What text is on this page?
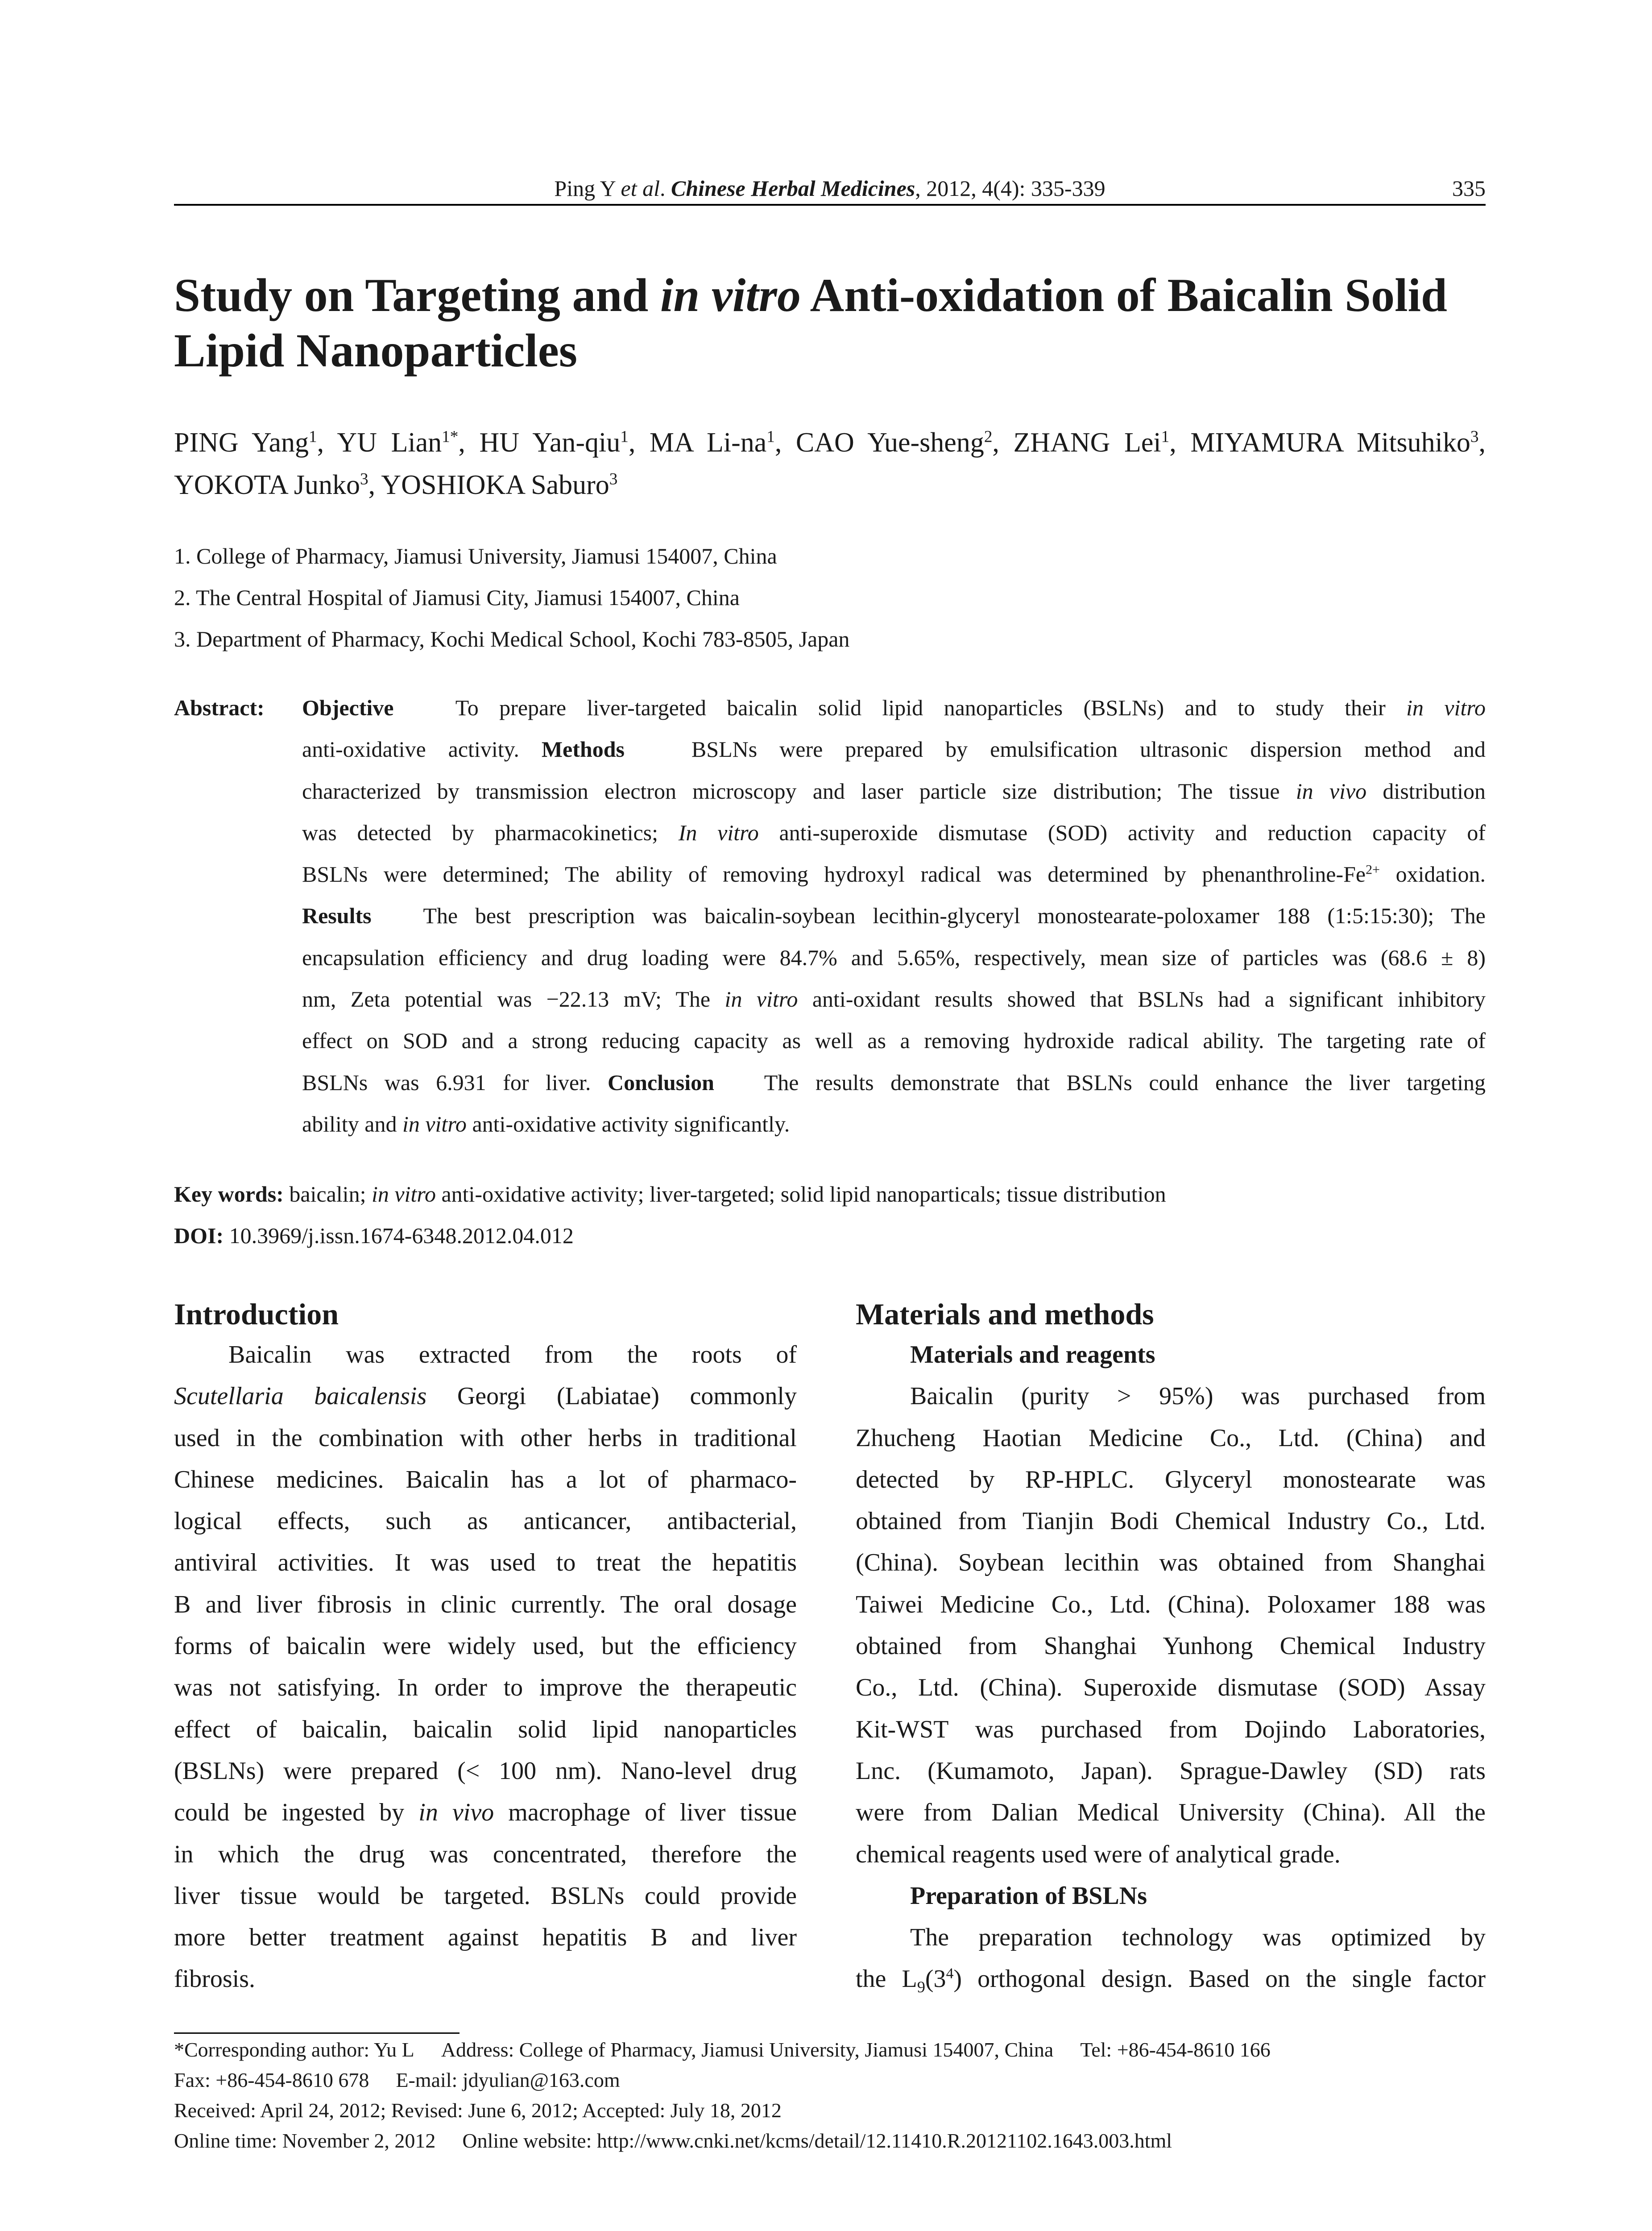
Ping Y et al. Chinese Herbal Medicines, 2012, 4(4): 335-339	335
Study on Targeting and in vitro Anti-oxidation of Baicalin Solid Lipid Nanoparticles
PING Yang$^1$, YU Lian$^{1*}$, HU Yan-qiu$^1$, MA $Li-na^1$, CAO Yue-sheng$^2$, ZHANG Lei$^1$, MIYAMURA Mitsuhiko$^3$, YOKOTA Junko$^3$, YOSHIOKA Saburo$^3$
1. College of Pharmacy, Jiamusi University, Jiamusi 154007, China
2. The Central Hospital of Jiamusi City, Jiamusi 154007, China
3. Department of Pharmacy, Kochi Medical School, Kochi 783-8505, Japan
Abstract: Objective   To prepare liver-targeted baicalin solid lipid nanoparticles (BSLNs) and to study their in vitro
anti-oxidative activity. Methods   BSLNs were prepared by emulsification ultrasonic dispersion method and
characterized by transmission electron microscopy and laser particle size distribution; The tissue in vivo distribution
was detected by pharmacokinetics; In vitro anti-superoxide dismutase (SOD) activity and reduction capacity of
BSLNs were determined; The ability of removing hydroxyl radical was determined by phenanthroline-$Fe^{2+}$ oxidation.
Results   The best prescription was baicalin-soybean lecithin-glyceryl monostearate-poloxamer 188 (1:5:15:30); The
encapsulation efficiency and drug loading were 84.7% and 5.65%, respectively, mean size of particles was (68.6 ± 8)
nm, Zeta potential was −22.13 mV; The in vitro anti-oxidant results showed that BSLNs had a significant inhibitory
effect on SOD and a strong reducing capacity as well as a removing hydroxide radical ability. The targeting rate of
BSLNs was 6.931 for liver. Conclusion   The results demonstrate that BSLNs could enhance the liver targeting
ability and in vitro anti-oxidative activity significantly.
Key words: baicalin; in vitro anti-oxidative activity; liver-targeted; solid lipid nanoparticals; tissue distribution
DOI: 10.3969/j.issn.1674-6348.2012.04.012
Introduction
Baicalin    was    extracted    from    the    roots    of
Scutellaria baicalensis Georgi (Labiatae) commonly
used in the combination with other herbs in traditional
Chinese medicines. Baicalin has a lot of pharmaco-
logical effects, such as anticancer, antibacterial,
antiviral activities. It was used to treat the hepatitis
B and liver fibrosis in clinic currently. The oral dosage
forms of baicalin were widely used, but the efficiency
was not satisfying. In order to improve the therapeutic
effect of baicalin, baicalin solid lipid nanoparticles
(BSLNs) were prepared (< 100 nm). Nano-level drug
could be ingested by in vivo macrophage of liver tissue
in which the drug was concentrated, therefore the
liver tissue would be targeted. BSLNs could provide
more better treatment against hepatitis B and liver
fibrosis.
Materials and methods
Materials and reagents
Baicalin (purity > 95%) was purchased from
Zhucheng Haotian Medicine Co., Ltd. (China) and
detected by RP-HPLC. Glyceryl monostearate was
obtained from Tianjin Bodi Chemical Industry Co., Ltd.
(China). Soybean lecithin was obtained from Shanghai
Taiwei Medicine Co., Ltd. (China). Poloxamer 188 was
obtained from Shanghai Yunhong Chemical Industry
Co., Ltd. (China). Superoxide dismutase (SOD) Assay
Kit-WST was purchased from Dojindo Laboratories,
Lnc. (Kumamoto, Japan). Sprague-Dawley (SD) rats
were from Dalian Medical University (China). All the
chemical reagents used were of analytical grade.
Preparation of BSLNs
The preparation technology was optimized by
the $L_9(3^4)$ orthogonal design. Based on the single factor
*Corresponding author: Yu L Address: College of Pharmacy, Jiamusi University, Jiamusi 154007, China Tel: +86-454-8610 166
Fax: +86-454-8610 678 E-mail: jdyulian@163.com
Received: April 24, 2012; Revised: June 6, 2012; Accepted: July 18, 2012
Online time: November 2, 2012 Online website: http://www.cnki.net/kcms/detail/12.11410.R.20121102.1643.003.html
